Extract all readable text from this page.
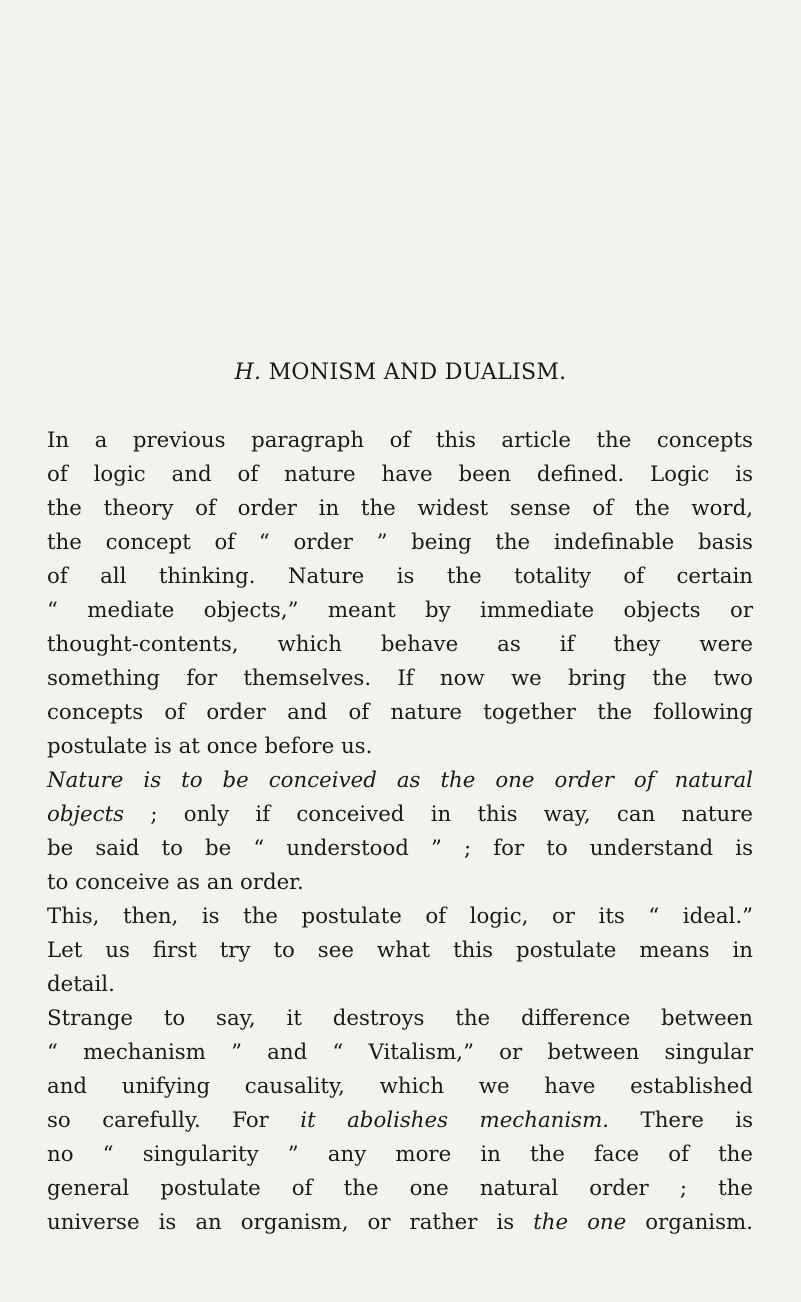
H. MONISM AND DUALISM.
In a previous paragraph of this article the concepts
of logic and of nature have been defined. Logic is
the theory of order in the widest sense of the word,
the concept of “ order ” being the indefinable basis
of all thinking. Nature is the totality of certain
“ mediate objects,” meant by immediate objects or
thought-contents, which behave as if they were
something for themselves. If now we bring the two
concepts of order and of nature together the following
postulate is at once before us.
Nature is to be conceived as the one order of natural
objects ; only if conceived in this way, can nature
be said to be “ understood ” ; for to understand is
to conceive as an order.
This, then, is the postulate of logic, or its “ ideal.”
Let us first try to see what this postulate means in
detail.
Strange to say, it destroys the difference between
“ mechanism ” and “ Vitalism,” or between singular
and unifying causality, which we have established
so carefully. For it abolishes mechanism. There is
no “ singularity ” any more in the face of the
general postulate of the one natural order ; the
universe is an organism, or rather is the one organism.
